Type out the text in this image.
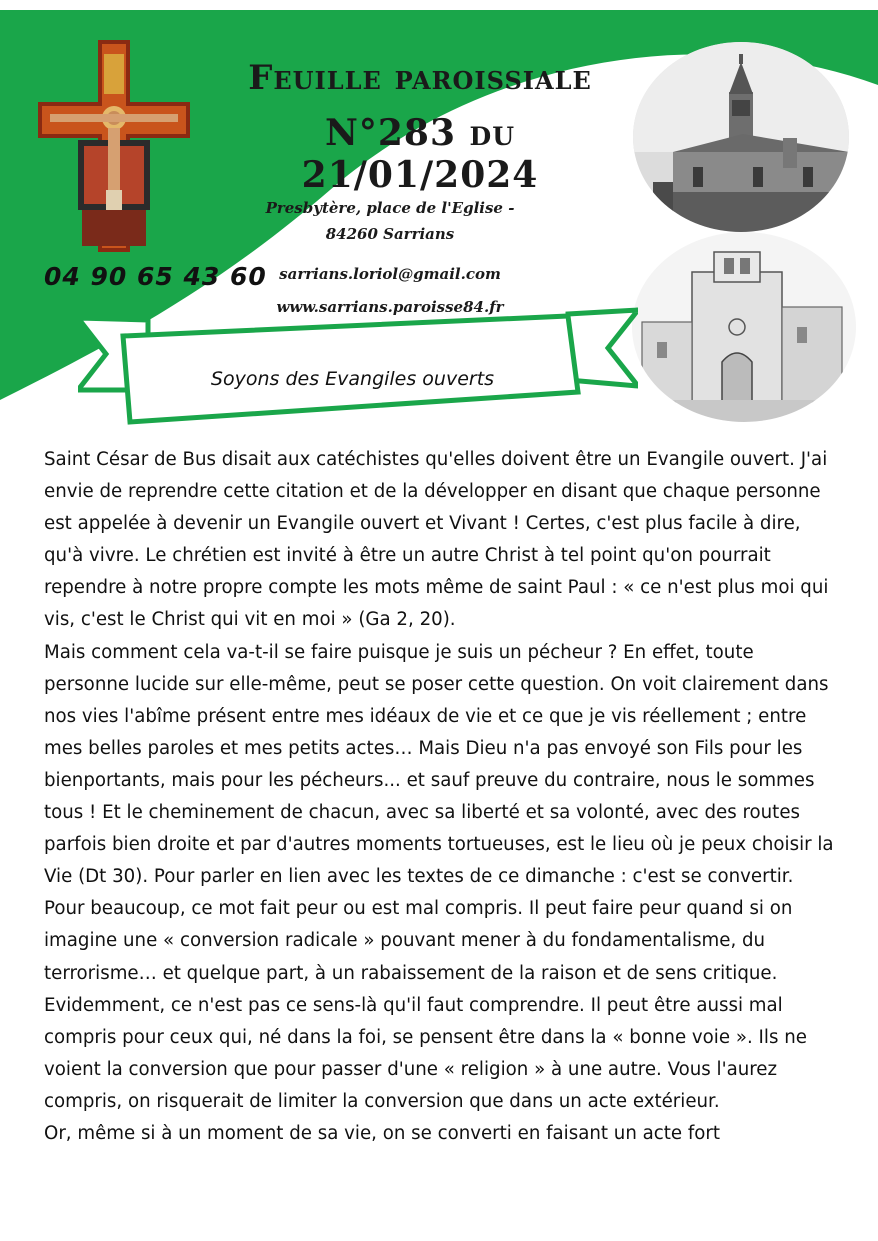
Feuille paroissiale
N°283 du 21/01/2024
Presbytère, place de l'Eglise -
84260 Sarrians
sarrians.loriol@gmail.com
www.sarrians.paroisse84.fr
04 90 65 43 60
Soyons des Evangiles ouverts

Saint César de Bus disait aux catéchistes qu'elles doivent être un Evangile ouvert. J'ai envie de reprendre cette citation et de la développer en disant que chaque personne est appelée à devenir un Evangile ouvert et Vivant ! Certes, c'est plus facile à dire, qu'à vivre. Le chrétien est invité à être un autre Christ à tel point qu'on pourrait rependre à notre propre compte les mots même de saint Paul : « ce n'est plus moi qui vis, c'est le Christ qui vit en moi » (Ga 2, 20).

Mais comment cela va-t-il se faire puisque je suis un pécheur ? En effet, toute personne lucide sur elle-même, peut se poser cette question. On voit clairement dans nos vies l'abîme présent entre mes idéaux de vie et ce que je vis réellement ; entre mes belles paroles et mes petits actes… Mais Dieu n'a pas envoyé son Fils pour les bienportants, mais pour les pécheurs... et sauf preuve du contraire, nous le sommes tous ! Et le cheminement de chacun, avec sa liberté et sa volonté, avec des routes parfois bien droite et par d'autres moments tortueuses, est le lieu où je peux choisir la Vie (Dt 30). Pour parler en lien avec les textes de ce dimanche : c'est se convertir.

Pour beaucoup, ce mot fait peur ou est mal compris. Il peut faire peur quand si on imagine une « conversion radicale » pouvant mener à du fondamentalisme, du terrorisme… et quelque part, à un rabaissement de la raison et de sens critique. Evidemment, ce n'est pas ce sens-là qu'il faut comprendre. Il peut être aussi mal compris pour ceux qui, né dans la foi, se pensent être dans la « bonne voie ». Ils ne voient la conversion que pour passer d'une « religion » à une autre. Vous l'aurez compris, on risquerait de limiter la conversion que dans un acte extérieur.

Or, même si à un moment de sa vie, on se converti en faisant un acte fort
